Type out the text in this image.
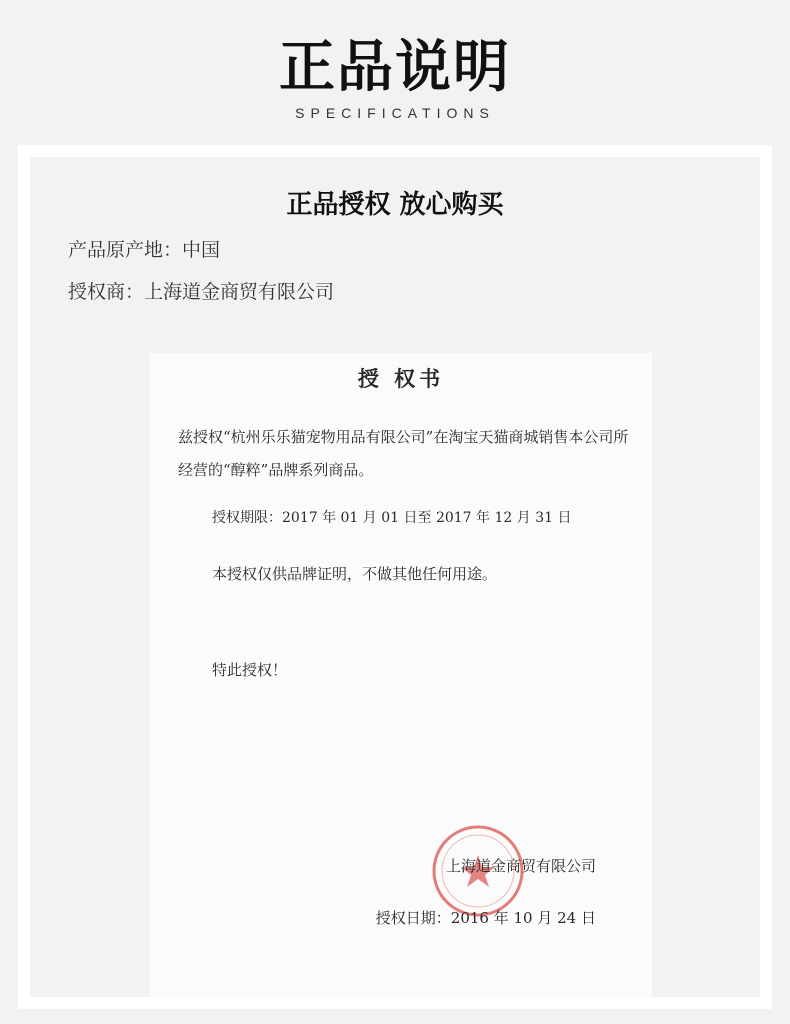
正品说明
SPECIFICATIONS
正品授权 放心购买
产品原产地：中国
授权商：上海道金商贸有限公司
授 权书
兹授权“杭州乐乐猫宠物用品有限公司”在淘宝天猫商城销售本公司所经营的“醇粹”品牌系列商品。
授权期限：2017 年 01 月 01 日至 2017 年 12 月 31 日
本授权仅供品牌证明，不做其他任何用途。
特此授权！
上海道金商贸有限公司
授权日期：2016 年 10 月 24 日
